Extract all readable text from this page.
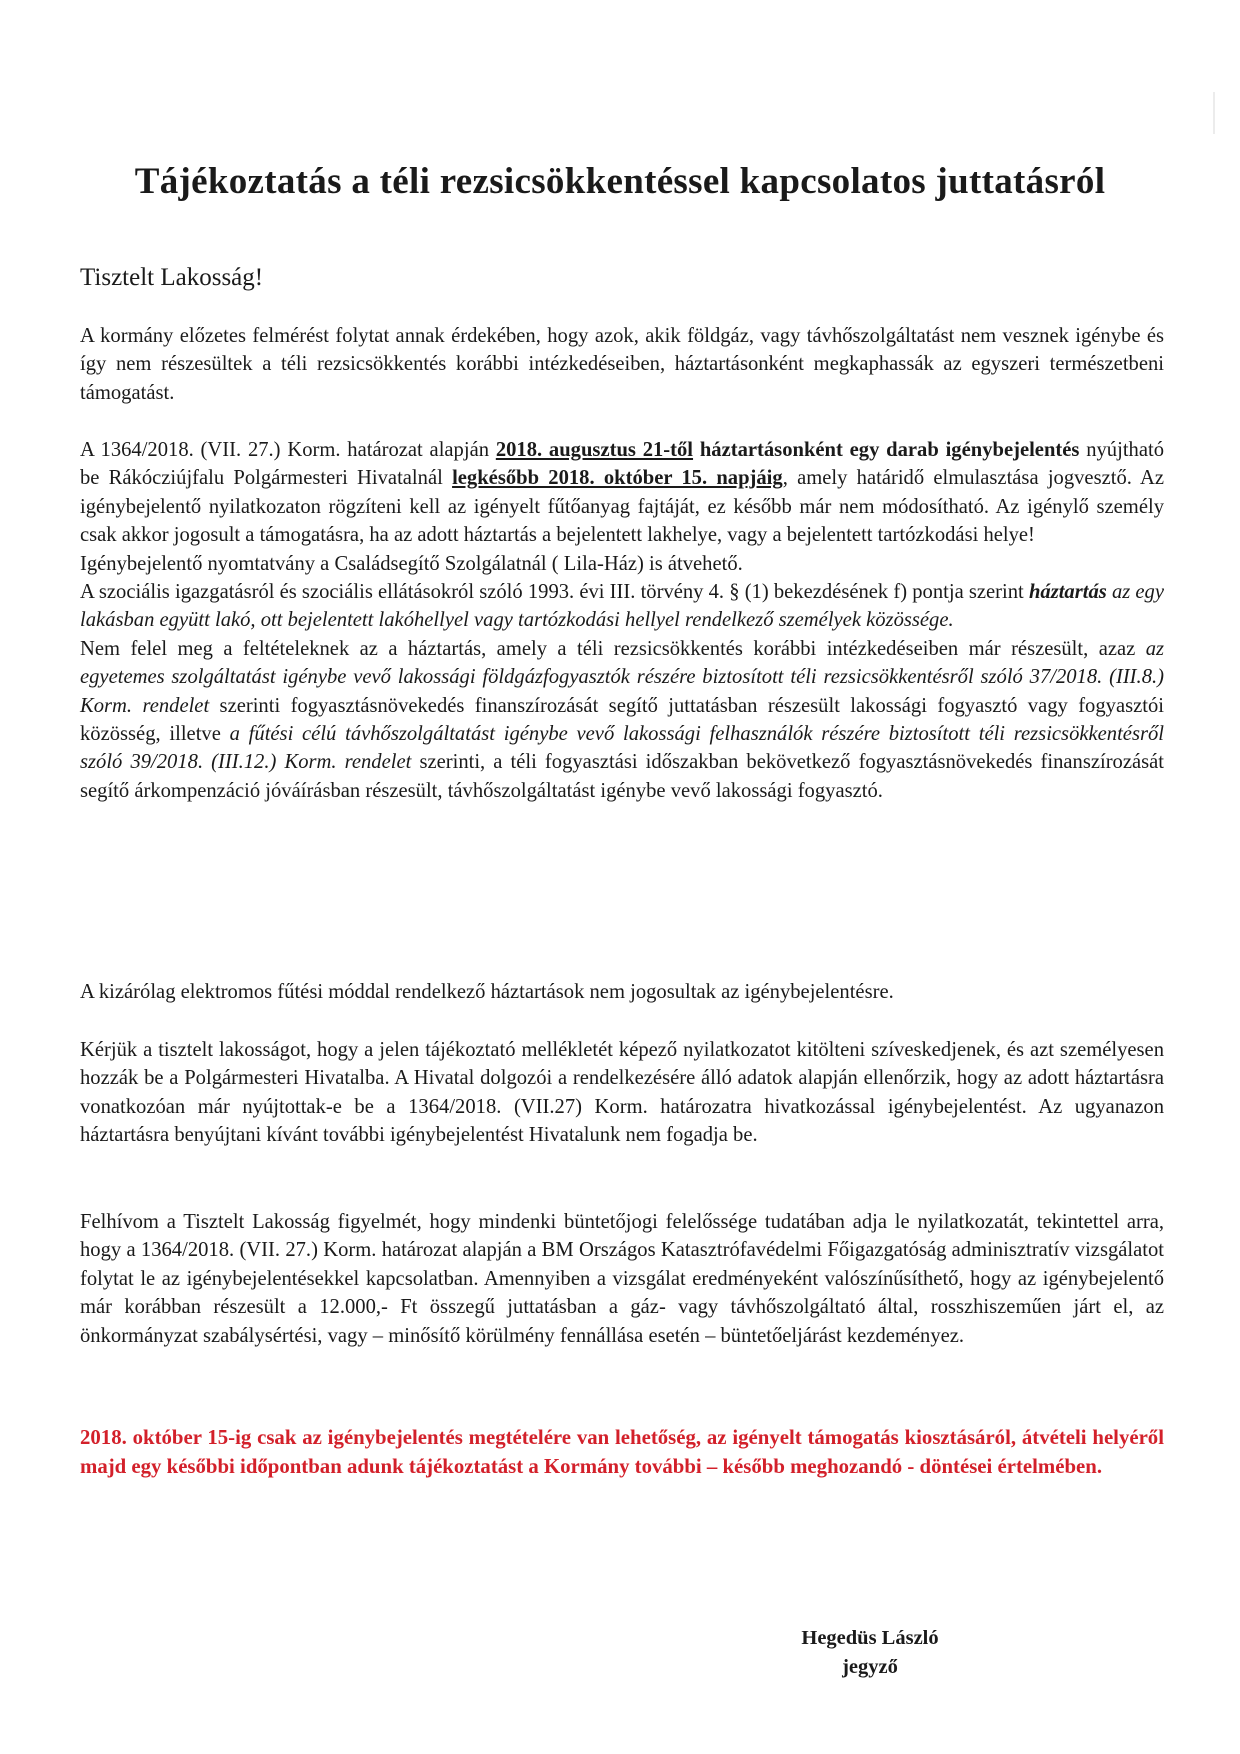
Tájékoztatás a téli rezsicsökkentéssel kapcsolatos juttatásról
Tisztelt Lakosság!

A kormány előzetes felmérést folytat annak érdekében, hogy azok, akik földgáz, vagy távhőszolgáltatást nem vesznek igénybe és így nem részesültek a téli rezsicsökkentés korábbi intézkedéseiben, háztartásonként megkaphassák az egyszeri természetbeni támogatást.

A 1364/2018. (VII. 27.) Korm. határozat alapján 2018. augusztus 21-től háztartásonként egy darab igénybejelentés nyújtható be Rákócziújfalu Polgármesteri Hivatalnál legkésőbb 2018. október 15. napjáig, amely határidő elmulasztása jogvesztő. Az igénybejelentő nyilatkozaton rögzíteni kell az igényelt fűtőanyag fajtáját, ez később már nem módosítható. Az igénylő személy csak akkor jogosult a támogatásra, ha az adott háztartás a bejelentett lakhelye, vagy a bejelentett tartózkodási helye!

Igénybejelentő nyomtatvány a Családsegítő Szolgálatnál ( Lila-Ház) is átvehető.

A szociális igazgatásról és szociális ellátásokról szóló 1993. évi III. törvény 4. § (1) bekezdésének f) pontja szerint háztartás az egy lakásban együtt lakó, ott bejelentett lakóhellyel vagy tartózkodási hellyel rendelkező személyek közössége.

Nem felel meg a feltételeknek az a háztartás, amely a téli rezsicsökkentés korábbi intézkedéseiben már részesült, azaz az egyetemes szolgáltatást igénybe vevő lakossági földgázfogyasztók részére biztosított téli rezsicsökkentésről szóló 37/2018. (III.8.) Korm. rendelet szerinti fogyasztásnövekedés finanszírozását segítő juttatásban részesült lakossági fogyasztó vagy fogyasztói közösség, illetve a fűtési célú távhőszolgáltatást igénybe vevő lakossági felhasználók részére biztosított téli rezsicsökkentésről szóló 39/2018. (III.12.) Korm. rendelet szerinti, a téli fogyasztási időszakban bekövetkező fogyasztásnövekedés finanszírozását segítő árkompenzáció jóváírásban részesült, távhőszolgáltatást igénybe vevő lakossági fogyasztó.

A kizárólag elektromos fűtési móddal rendelkező háztartások nem jogosultak az igénybejelentésre.

Kérjük a tisztelt lakosságot, hogy a jelen tájékoztató mellékletét képező nyilatkozatot kitölteni szíveskedjenek, és azt személyesen hozzák be a Polgármesteri Hivatalba. A Hivatal dolgozói a rendelkezésére álló adatok alapján ellenőrzik, hogy az adott háztartásra vonatkozóan már nyújtottak-e be a 1364/2018. (VII.27) Korm. határozatra hivatkozással igénybejelentést. Az ugyanazon háztartásra benyújtani kívánt további igénybejelentést Hivatalunk nem fogadja be.

Felhívom a Tisztelt Lakosság figyelmét, hogy mindenki büntetőjogi felelőssége tudatában adja le nyilatkozatát, tekintettel arra, hogy a 1364/2018. (VII. 27.) Korm. határozat alapján a BM Országos Katasztrófavédelmi Főigazgatóság adminisztratív vizsgálatot folytat le az igénybejelentésekkel kapcsolatban. Amennyiben a vizsgálat eredményeként valószínűsíthető, hogy az igénybejelentő már korábban részesült a 12.000,- Ft összegű juttatásban a gáz- vagy távhőszolgáltató által, rosszhiszeműen járt el, az önkormányzat szabálysértési, vagy – minősítő körülmény fennállása esetén – büntetőeljárást kezdeményez.

2018. október 15-ig csak az igénybejelentés megtételére van lehetőség, az igényelt támogatás kiosztásáról, átvételi helyéről majd egy későbbi időpontban adunk tájékoztatást a Kormány további – később meghozandó - döntései értelmében.

Hegedüs László
jegyző
